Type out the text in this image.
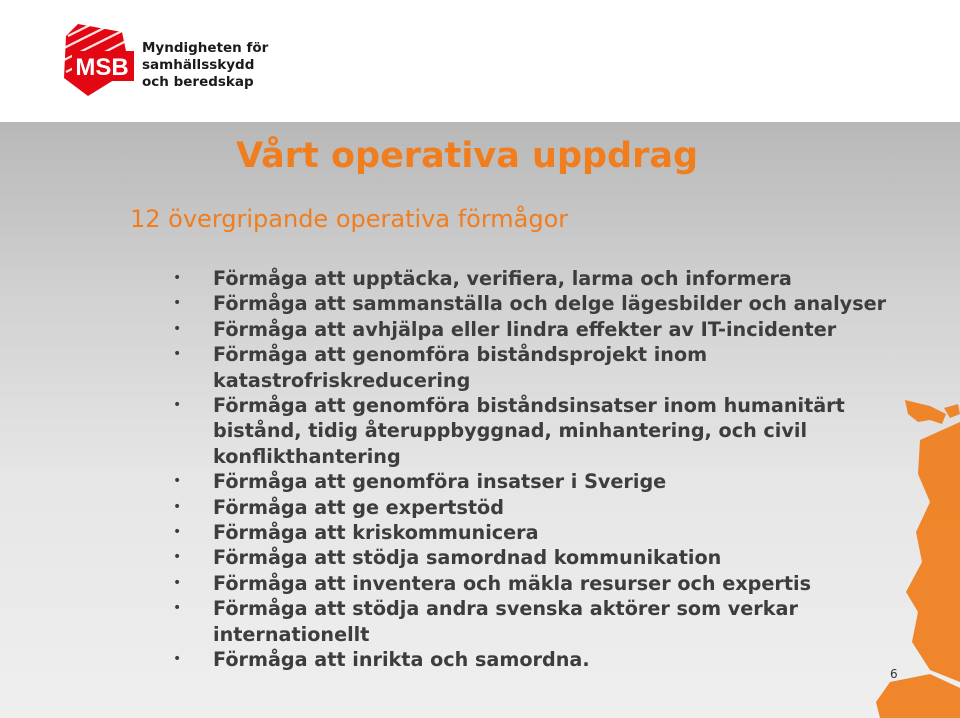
MSB
Myndigheten för
samhällsskydd
och beredskap
Vårt operativa uppdrag
12 övergripande operativa förmågor
• Förmåga att upptäcka, verifiera, larma och informera
• Förmåga att sammanställa och delge lägesbilder och analyser
• Förmåga att avhjälpa eller lindra effekter av IT-incidenter
• Förmåga att genomföra biståndsprojekt inom
katastrofriskreducering
• Förmåga att genomföra biståndsinsatser inom humanitärt
bistånd, tidig återuppbyggnad, minhantering, och civil
konflikthantering
• Förmåga att genomföra insatser i Sverige
• Förmåga att ge expertstöd
• Förmåga att kriskommunicera
• Förmåga att stödja samordnad kommunikation
• Förmåga att inventera och mäkla resurser och expertis
• Förmåga att stödja andra svenska aktörer som verkar
internationellt
• Förmåga att inrikta och samordna.
6
